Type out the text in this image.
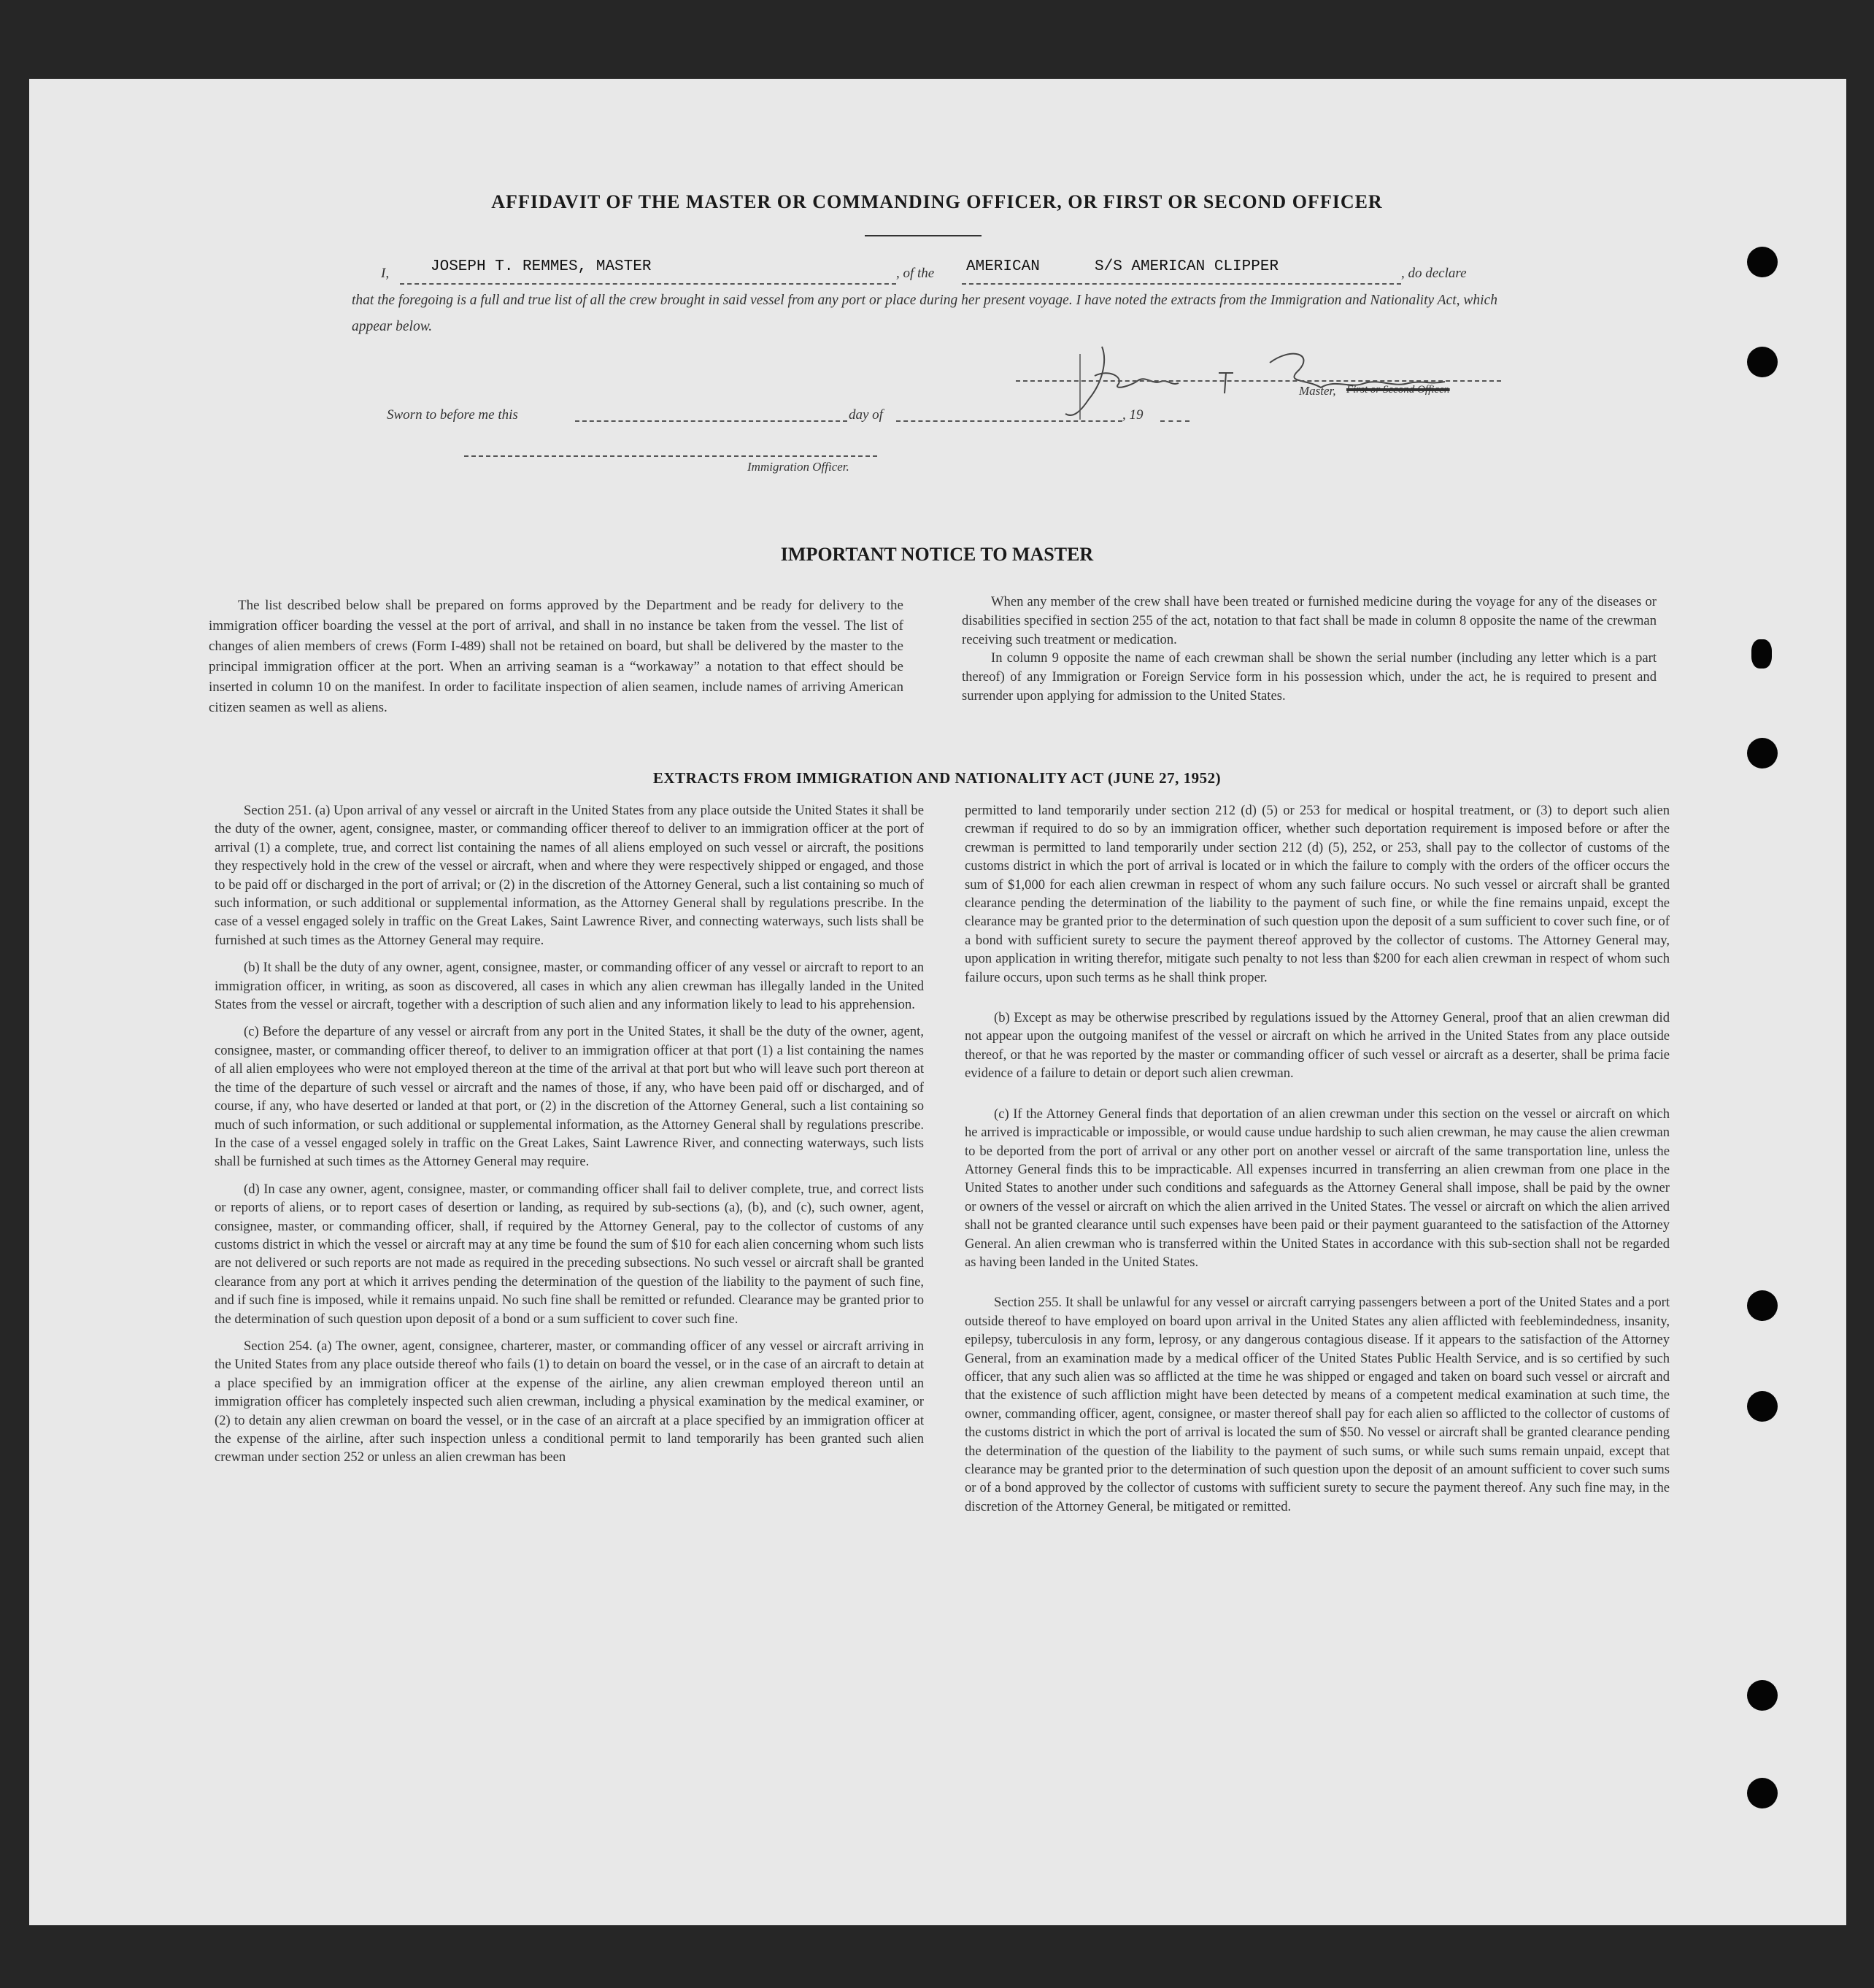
AFFIDAVIT OF THE MASTER OR COMMANDING OFFICER, OR FIRST OR SECOND OFFICER
I,	JOSEPH T. REMMES, MASTER	, of the AMERICAN	S/S AMERICAN CLIPPER	, do declare
that the foregoing is a full and true list of all the crew brought in said vessel from any port or place during her present voyage. I have noted the extracts from the Immigration and Nationality Act, which appear below.
Master, First or Second Officer.
Sworn to before me this	day of	, 19
Immigration Officer.
IMPORTANT NOTICE TO MASTER

The list described below shall be prepared on forms approved by the Department and be ready for delivery to the immigration officer boarding the vessel at the port of arrival, and shall in no instance be taken from the vessel. The list of changes of alien members of crews (Form I-489) shall not be retained on board, but shall be delivered by the master to the principal immigration officer at the port. When an arriving seaman is a “workaway” a notation to that effect should be inserted in column 10 on the manifest. In order to facilitate inspection of alien seamen, include names of arriving American citizen seamen as well as aliens.

When any member of the crew shall have been treated or furnished medicine during the voyage for any of the diseases or disabilities specified in section 255 of the act, notation to that fact shall be made in column 8 opposite the name of the crewman receiving such treatment or medication.

In column 9 opposite the name of each crewman shall be shown the serial number (including any letter which is a part thereof) of any Immigration or Foreign Service form in his possession which, under the act, he is required to present and surrender upon applying for admission to the United States.

EXTRACTS FROM IMMIGRATION AND NATIONALITY ACT (JUNE 27, 1952)

Section 251. (a) Upon arrival of any vessel or aircraft in the United States from any place outside the United States it shall be the duty of the owner, agent, consignee, master, or commanding officer thereof to deliver to an immigration officer at the port of arrival (1) a complete, true, and correct list containing the names of all aliens employed on such vessel or aircraft, the positions they respectively hold in the crew of the vessel or aircraft, when and where they were respectively shipped or engaged, and those to be paid off or discharged in the port of arrival; or (2) in the discretion of the Attorney General, such a list containing so much of such information, or such additional or supplemental information, as the Attorney General shall by regulations prescribe. In the case of a vessel engaged solely in traffic on the Great Lakes, Saint Lawrence River, and connecting waterways, such lists shall be furnished at such times as the Attorney General may require.

(b) It shall be the duty of any owner, agent, consignee, master, or commanding officer of any vessel or aircraft to report to an immigration officer, in writing, as soon as discovered, all cases in which any alien crewman has illegally landed in the United States from the vessel or aircraft, together with a description of such alien and any information likely to lead to his apprehension.

(c) Before the departure of any vessel or aircraft from any port in the United States, it shall be the duty of the owner, agent, consignee, master, or commanding officer thereof, to deliver to an immigration officer at that port (1) a list containing the names of all alien employees who were not employed thereon at the time of the arrival at that port but who will leave such port thereon at the time of the departure of such vessel or aircraft and the names of those, if any, who have been paid off or discharged, and of course, if any, who have deserted or landed at that port, or (2) in the discretion of the Attorney General, such a list containing so much of such information, or such additional or supplemental information, as the Attorney General shall by regulations prescribe. In the case of a vessel engaged solely in traffic on the Great Lakes, Saint Lawrence River, and connecting waterways, such lists shall be furnished at such times as the Attorney General may require.

(d) In case any owner, agent, consignee, master, or commanding officer shall fail to deliver complete, true, and correct lists or reports of aliens, or to report cases of desertion or landing, as required by sub-sections (a), (b), and (c), such owner, agent, consignee, master, or commanding officer, shall, if required by the Attorney General, pay to the collector of customs of any customs district in which the vessel or aircraft may at any time be found the sum of $10 for each alien concerning whom such lists are not delivered or such reports are not made as required in the preceding subsections. No such vessel or aircraft shall be granted clearance from any port at which it arrives pending the determination of the question of the liability to the payment of such fine, and if such fine is imposed, while it remains unpaid. No such fine shall be remitted or refunded. Clearance may be granted prior to the determination of such question upon deposit of a bond or a sum sufficient to cover such fine.

Section 254. (a) The owner, agent, consignee, charterer, master, or commanding officer of any vessel or aircraft arriving in the United States from any place outside thereof who fails (1) to detain on board the vessel, or in the case of an aircraft to detain at a place specified by an immigration officer at the expense of the airline, any alien crewman employed thereon until an immigration officer has completely inspected such alien crewman, including a physical examination by the medical examiner, or (2) to detain any alien crewman on board the vessel, or in the case of an aircraft at a place specified by an immigration officer at the expense of the airline, after such inspection unless a conditional permit to land temporarily has been granted such alien crewman under section 252 or unless an alien crewman has been

permitted to land temporarily under section 212 (d) (5) or 253 for medical or hospital treatment, or (3) to deport such alien crewman if required to do so by an immigration officer, whether such deportation requirement is imposed before or after the crewman is permitted to land temporarily under section 212 (d) (5), 252, or 253, shall pay to the collector of customs of the customs district in which the port of arrival is located or in which the failure to comply with the orders of the officer occurs the sum of $1,000 for each alien crewman in respect of whom any such failure occurs. No such vessel or aircraft shall be granted clearance pending the determination of the liability to the payment of such fine, or while the fine remains unpaid, except the clearance may be granted prior to the determination of such question upon the deposit of a sum sufficient to cover such fine, or of a bond with sufficient surety to secure the payment thereof approved by the collector of customs. The Attorney General may, upon application in writing therefor, mitigate such penalty to not less than $200 for each alien crewman in respect of whom such failure occurs, upon such terms as he shall think proper.

(b) Except as may be otherwise prescribed by regulations issued by the Attorney General, proof that an alien crewman did not appear upon the outgoing manifest of the vessel or aircraft on which he arrived in the United States from any place outside thereof, or that he was reported by the master or commanding officer of such vessel or aircraft as a deserter, shall be prima facie evidence of a failure to detain or deport such alien crewman.

(c) If the Attorney General finds that deportation of an alien crewman under this section on the vessel or aircraft on which he arrived is impracticable or impossible, or would cause undue hardship to such alien crewman, he may cause the alien crewman to be deported from the port of arrival or any other port on another vessel or aircraft of the same transportation line, unless the Attorney General finds this to be impracticable. All expenses incurred in transferring an alien crewman from one place in the United States to another under such conditions and safeguards as the Attorney General shall impose, shall be paid by the owner or owners of the vessel or aircraft on which the alien arrived in the United States. The vessel or aircraft on which the alien arrived shall not be granted clearance until such expenses have been paid or their payment guaranteed to the satisfaction of the Attorney General. An alien crewman who is transferred within the United States in accordance with this sub-section shall not be regarded as having been landed in the United States.

Section 255. It shall be unlawful for any vessel or aircraft carrying passengers between a port of the United States and a port outside thereof to have employed on board upon arrival in the United States any alien afflicted with feeblemindedness, insanity, epilepsy, tuberculosis in any form, leprosy, or any dangerous contagious disease. If it appears to the satisfaction of the Attorney General, from an examination made by a medical officer of the United States Public Health Service, and is so certified by such officer, that any such alien was so afflicted at the time he was shipped or engaged and taken on board such vessel or aircraft and that the existence of such affliction might have been detected by means of a competent medical examination at such time, the owner, commanding officer, agent, consignee, or master thereof shall pay for each alien so afflicted to the collector of customs of the customs district in which the port of arrival is located the sum of $50. No vessel or aircraft shall be granted clearance pending the determination of the question of the liability to the payment of such sums, or while such sums remain unpaid, except that clearance may be granted prior to the determination of such question upon the deposit of an amount sufficient to cover such sums or of a bond approved by the collector of customs with sufficient surety to secure the payment thereof. Any such fine may, in the discretion of the Attorney General, be mitigated or remitted.
